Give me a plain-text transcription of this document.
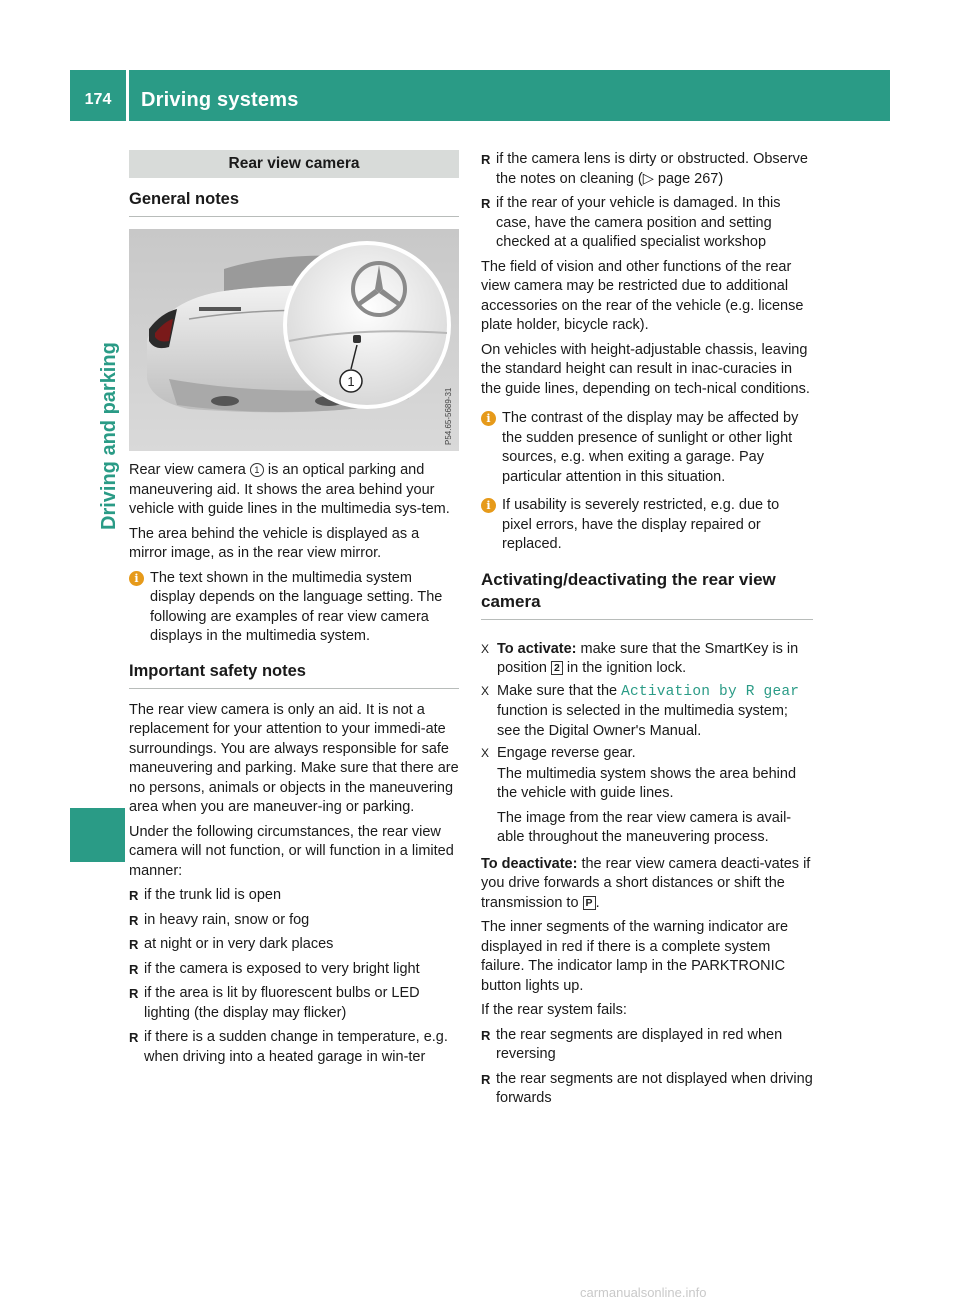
174	Driving systems
Driving and parking
Rear view camera
General notes
1
P54.65-5689-31

Rear view camera 1 is an optical parking and maneuvering aid. It shows the area behind your vehicle with guide lines in the multimedia sys-tem.

The area behind the vehicle is displayed as a mirror image, as in the rear view mirror.

i The text shown in the multimedia system display depends on the language setting. The following are examples of rear view camera displays in the multimedia system.
Important safety notes

The rear view camera is only an aid. It is not a replacement for your attention to your immedi-ate surroundings. You are always responsible for safe maneuvering and parking. Make sure that there are no persons, animals or objects in the maneuvering area when you are maneuver-ing or parking.

Under the following circumstances, the rear view camera will not function, or will function in a limited manner:

R if the trunk lid is open
R in heavy rain, snow or fog
R at night or in very dark places
R if the camera is exposed to very bright light
R if the area is lit by fluorescent bulbs or LED lighting (the display may flicker)
R if there is a sudden change in temperature, e.g. when driving into a heated garage in win-ter
R if the camera lens is dirty or obstructed. Observe the notes on cleaning (▷ page 267)
R if the rear of your vehicle is damaged. In this case, have the camera position and setting checked at a qualified specialist workshop

The field of vision and other functions of the rear view camera may be restricted due to additional accessories on the rear of the vehicle (e.g. license plate holder, bicycle rack).

On vehicles with height-adjustable chassis, leaving the standard height can result in inac-curacies in the guide lines, depending on tech-nical conditions.

i The contrast of the display may be affected by the sudden presence of sunlight or other light sources, e.g. when exiting a garage. Pay particular attention in this situation.
i If usability is severely restricted, e.g. due to pixel errors, have the display repaired or replaced.
Activating/deactivating the rear view camera
X To activate: make sure that the SmartKey is in position 2 in the ignition lock.
X Make sure that the Activation by R gear function is selected in the multimedia system; see the Digital Owner's Manual.
X Engage reverse gear.

The multimedia system shows the area behind the vehicle with guide lines.

The image from the rear view camera is avail-able throughout the maneuvering process.

To deactivate: the rear view camera deacti-vates if you drive forwards a short distances or shift the transmission to P .

The inner segments of the warning indicator are displayed in red if there is a complete system failure. The indicator lamp in the PARKTRONIC button lights up.

If the rear system fails:

R the rear segments are displayed in red when reversing
R the rear segments are not displayed when driving forwards
carmanualsonline.info
